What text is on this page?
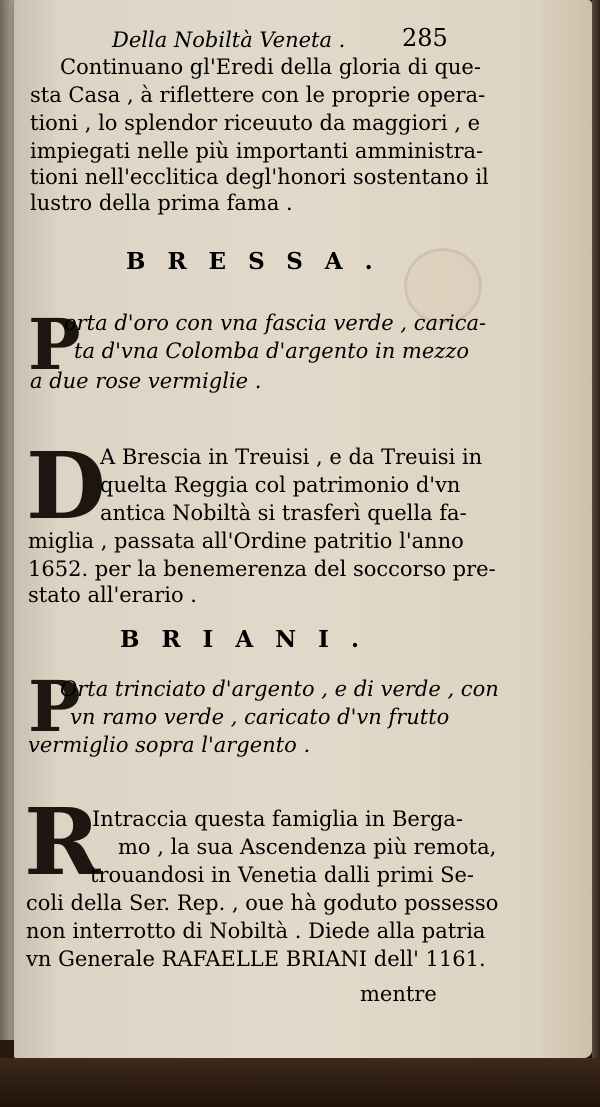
Della Nobiltà Veneta . 285
Continuano gl'Eredi della gloria di que-
sta Casa , à riflettere con le proprie opera-
tioni , lo splendor riceuuto da maggiori , e
impiegati nelle più importanti amministra-
tioni nell'ecclitica degl'honori sostentano il
lustro della prima fama .
BRESSA.
P
orta d'oro con vna fascia verde , carica-
ta d'vna Colomba d'argento in mezzo
a due rose vermiglie .
D
A Brescia in Treuisi , e da Treuisi in
quelta Reggia col patrimonio d'vn
antica Nobiltà si trasferì quella fa-
miglia , passata all'Ordine patritio l'anno
1652. per la benemerenza del soccorso pre-
stato all'erario .
BRIANI.
P
Orta trinciato d'argento , e di verde , con
vn ramo verde , caricato d'vn frutto
vermiglio sopra l'argento .
R
Intraccia questa famiglia in Berga-
mo , la sua Ascendenza più remota,
trouandosi in Venetia dalli primi Se-
coli della Ser. Rep. , oue hà goduto possesso
non interrotto di Nobiltà . Diede alla patria
vn Generale RAFAELLE BRIANI dell' 1161.
mentre
